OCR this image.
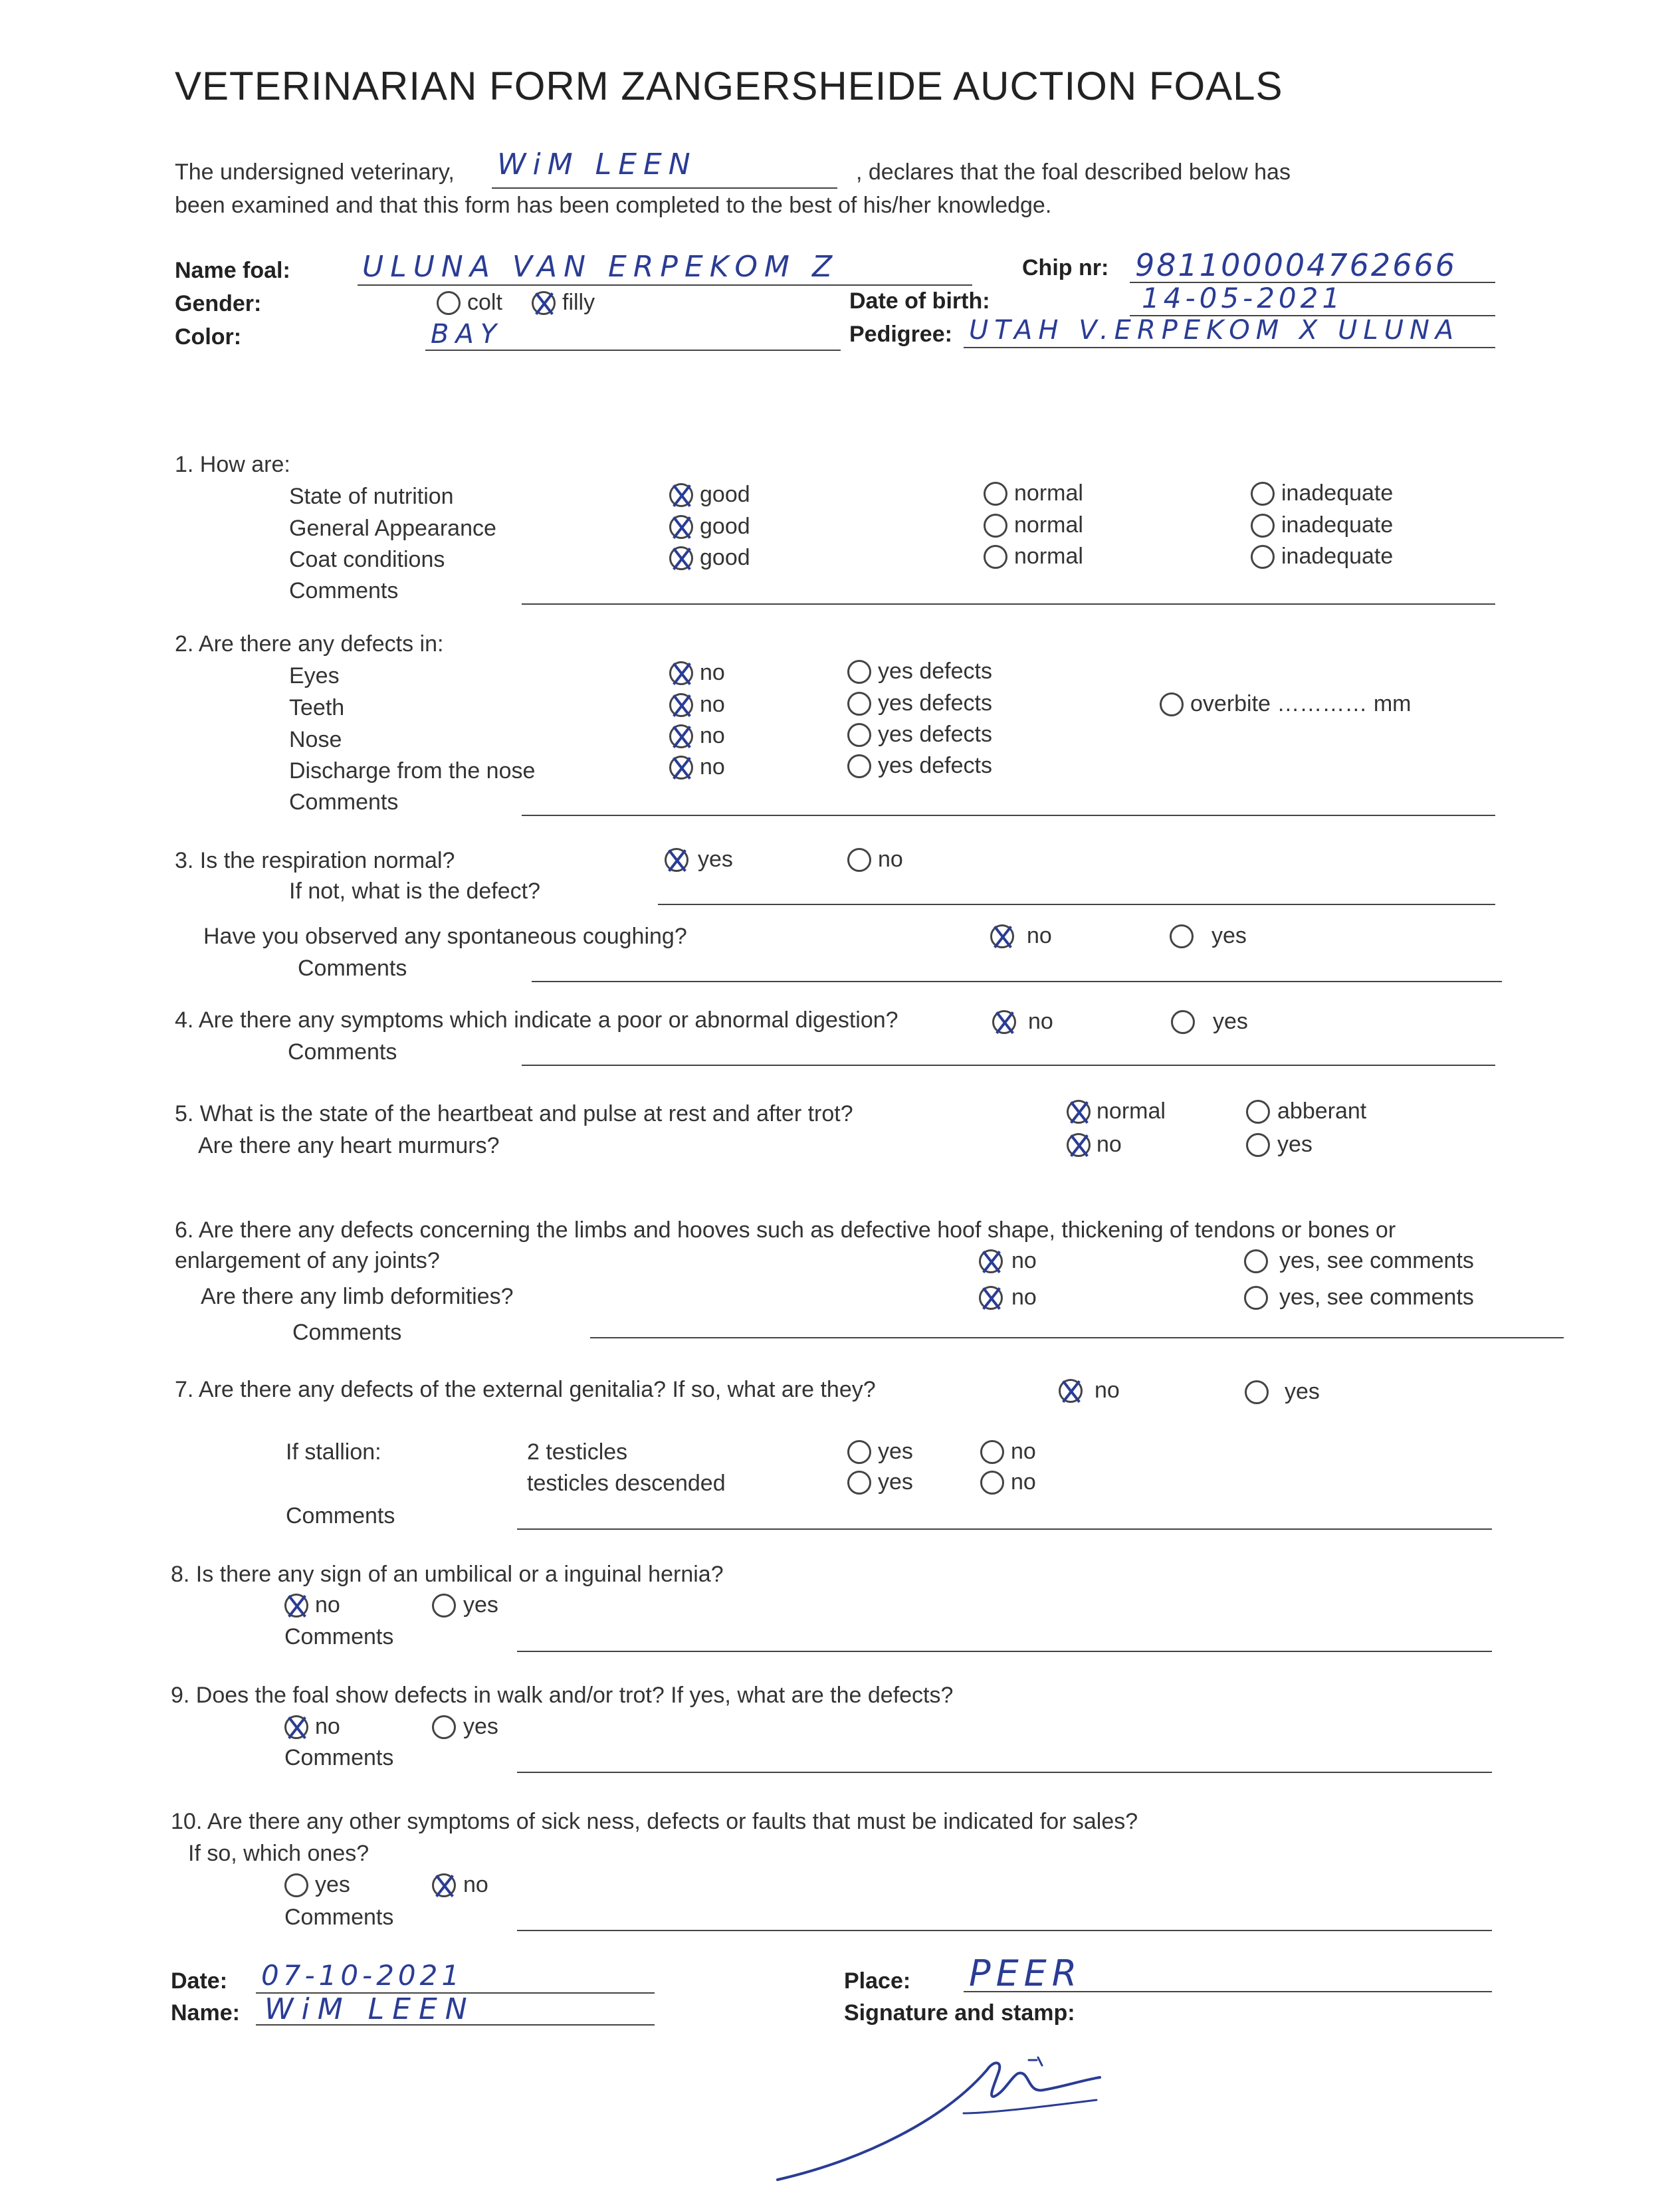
VETERINARIAN FORM ZANGERSHEIDE AUCTION FOALS
The undersigned veterinary, WiM LEEN	, declares that the foal described below has
been examined and that this form has been completed to the best of his/her knowledge.
Name foal: ULUNA VAN ERPEKOM Z	Chip nr: 981100004762666
Gender:	colt	filly	Date of birth:	14-05-2021
Color:	BAY	Pedigree: UTAH V.ERPEKOM X ULUNA
1. How are:
State of nutrition	good	normal	inadequate
General Appearance	good	normal	inadequate
Coat conditions	good	normal	inadequate
Comments
2. Are there any defects in:
Eyes	no	yes defects
Teeth	no	yes defects	overbite ………… mm
Nose	no	yes defects
Discharge from the nose	no	yes defects
Comments
3. Is the respiration normal?	yes	no
If not, what is the defect?
Have you observed any spontaneous coughing?	no	yes
Comments
4. Are there any symptoms which indicate a poor or abnormal digestion?	no	yes
Comments
5. What is the state of the heartbeat and pulse at rest and after trot?	normal	abberant
Are there any heart murmurs?	no	yes
6. Are there any defects concerning the limbs and hooves such as defective hoof shape, thickening of tendons or bones or
enlargement of any joints?	no	yes, see comments
Are there any limb deformities?	no	yes, see comments
Comments
7. Are there any defects of the external genitalia? If so, what are they?	no	yes
If stallion:	2 testicles	yes	no
testicles descended	yes	no
Comments
8. Is there any sign of an umbilical or a inguinal hernia?
no	yes
Comments
9. Does the foal show defects in walk and/or trot? If yes, what are the defects?
no	yes
Comments
10. Are there any other symptoms of sick ness, defects or faults that must be indicated for sales?
If so, which ones?
yes	no
Comments
Date: 07-10-2021
Name: WiM LEEN
Place: PEER
Signature and stamp:
